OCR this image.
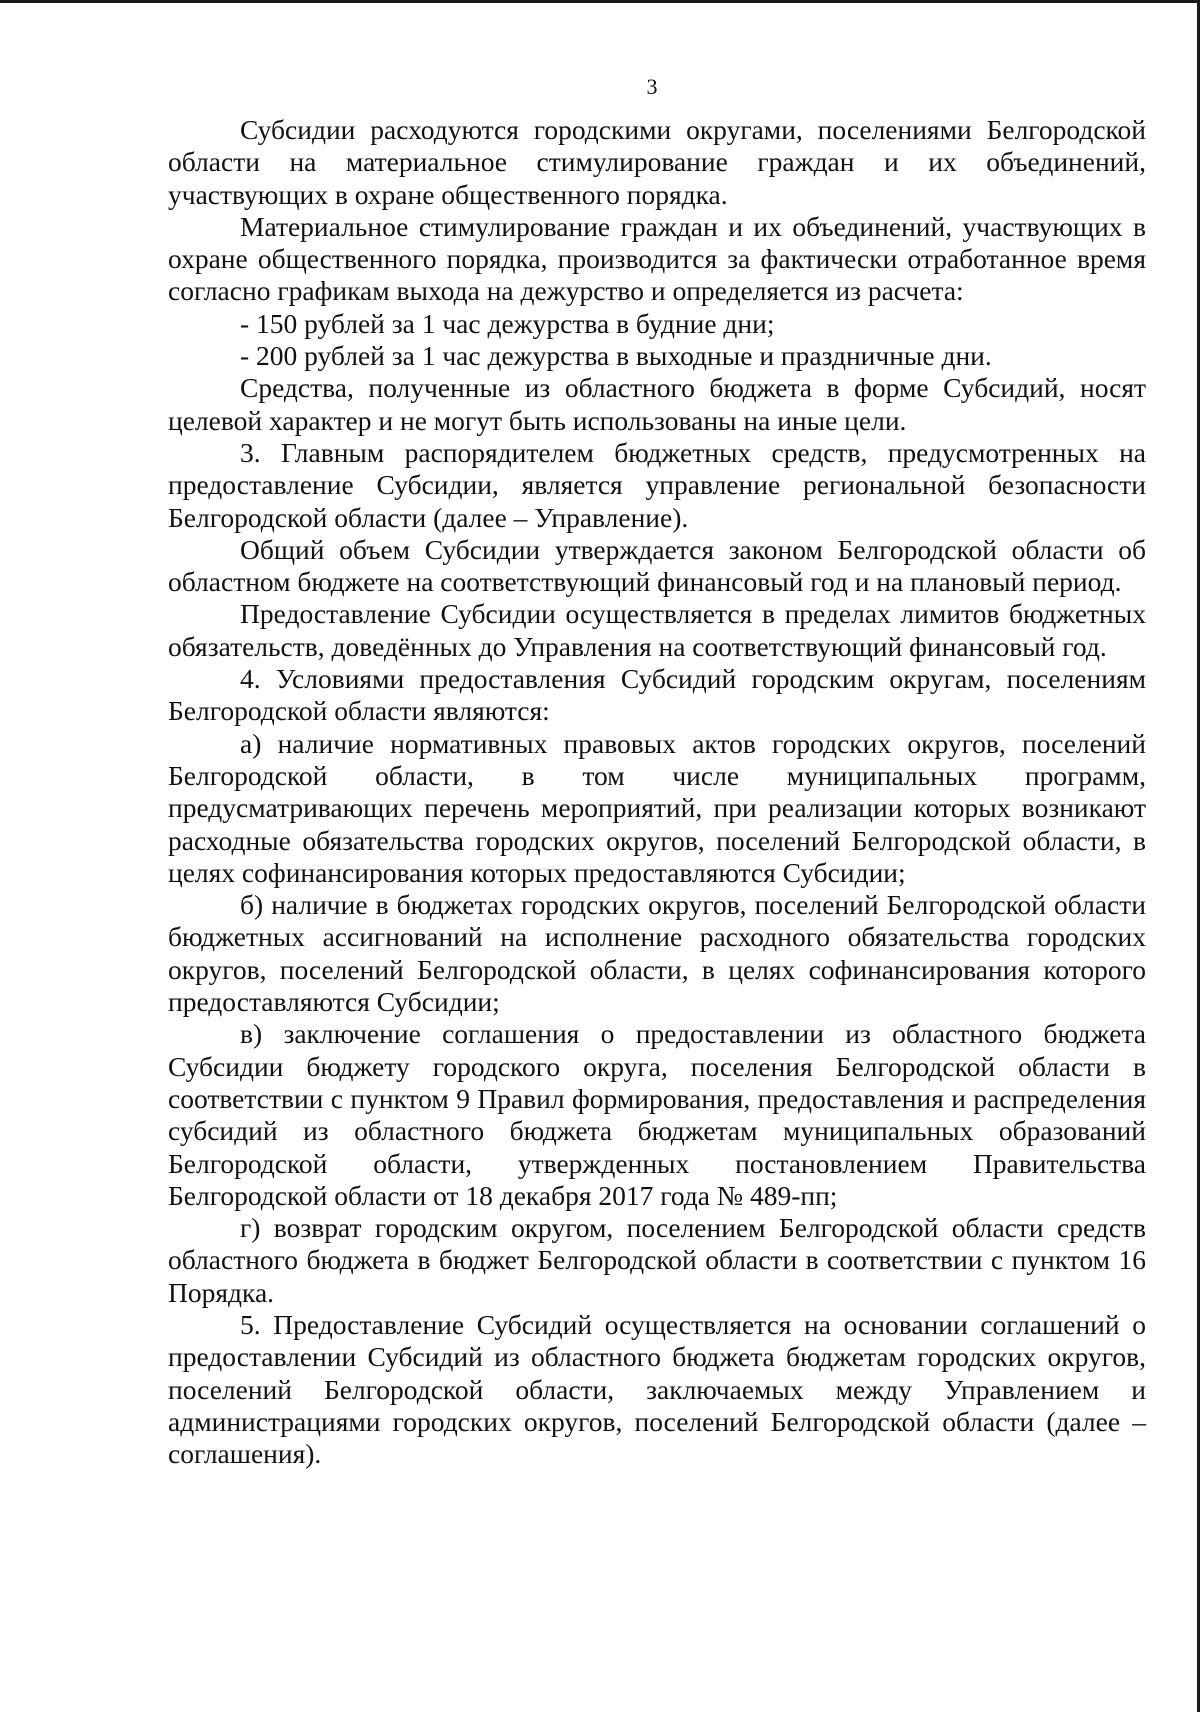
3

Субсидии расходуются городскими округами, поселениями Белгородской области на материальное стимулирование граждан и их объединений, участвующих в охране общественного порядка.

Материальное стимулирование граждан и их объединений, участвующих в охране общественного порядка, производится за фактически отработанное время согласно графикам выхода на дежурство и определяется из расчета:

- 150 рублей за 1 час дежурства в будние дни;

- 200 рублей за 1 час дежурства в выходные и праздничные дни.

Средства, полученные из областного бюджета в форме Субсидий, носят целевой характер и не могут быть использованы на иные цели.

3. Главным распорядителем бюджетных средств, предусмотренных на предоставление Субсидии, является управление региональной безопасности Белгородской области (далее – Управление).

Общий объем Субсидии утверждается законом Белгородской области об областном бюджете на соответствующий финансовый год и на плановый период.

Предоставление Субсидии осуществляется в пределах лимитов бюджетных обязательств, доведённых до Управления на соответствующий финансовый год.

4. Условиями предоставления Субсидий городским округам, поселениям Белгородской области являются:

а) наличие нормативных правовых актов городских округов, поселений Белгородской области, в том числе муниципальных программ, предусматривающих перечень мероприятий, при реализации которых возникают расходные обязательства городских округов, поселений Белгородской области, в целях софинансирования которых предоставляются Субсидии;

б) наличие в бюджетах городских округов, поселений Белгородской области бюджетных ассигнований на исполнение расходного обязательства городских округов, поселений Белгородской области, в целях софинансирования которого предоставляются Субсидии;

в) заключение соглашения о предоставлении из областного бюджета Субсидии бюджету городского округа, поселения Белгородской области в соответствии с пунктом 9 Правил формирования, предоставления и распределения субсидий из областного бюджета бюджетам муниципальных образований Белгородской области, утвержденных постановлением Правительства Белгородской области от 18 декабря 2017 года № 489-пп;

г) возврат городским округом, поселением Белгородской области средств областного бюджета в бюджет Белгородской области в соответствии с пунктом 16 Порядка.

5. Предоставление Субсидий осуществляется на основании соглашений о предоставлении Субсидий из областного бюджета бюджетам городских округов, поселений Белгородской области, заключаемых между Управлением и администрациями городских округов, поселений Белгородской области (далее – соглашения).
